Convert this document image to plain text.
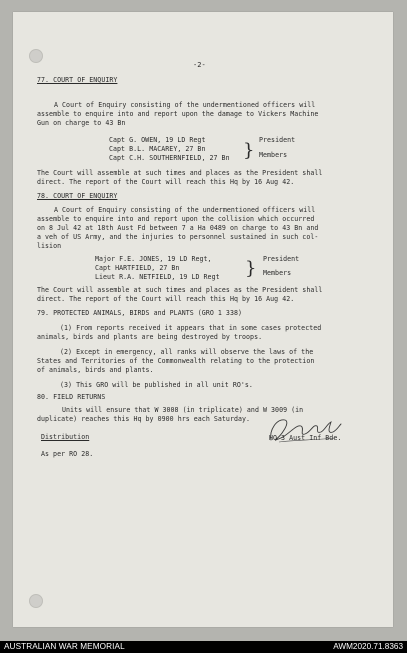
-2-
77. COURT OF ENQUIRY
A Court of Enquiry consisting of the undermentioned officers will
assemble to enquire into and report upon the damage to Vickers Machine
Gun on charge to 43 Bn
Capt G. OWEN, 19 LD Regt	President
Capt B.L. MACAREY, 27 Bn
Capt C.H. SOUTHERNFIELD, 27 Bn } Members
The Court will assemble at such times and places as the President shall
direct. The report of the Court will reach this Hq by 16 Aug 42.
78. COURT OF ENQUIRY
A Court of Enquiry consisting of the undermentioned officers will
assemble to enquire into and report upon the collision which occurred
on 8 Jul 42 at 18th Aust Fd between 7 a Ha 0489 on charge to 43 Bn and
a veh of US Army, and the injuries to personnel sustained in such col-
lision
Major F.E. JONES, 19 LD Regt,	President
Capt HARTFIELD, 27 Bn
Lieut R.A. NETFIELD, 19 LD Regt } Members
The Court will assemble at such times and places as the President shall
direct. The report of the Court will reach this Hq by 16 Aug 42.
79. PROTECTED ANIMALS, BIRDS and PLANTS (GRO 1 338)
(1) From reports received it appears that in some cases protected
animals, birds and plants are being destroyed by troops.
(2) Except in emergency, all ranks will observe the laws of the
States and Territories of the Commonwealth relating to the protection
of animals, birds and plants.
(3) This GRO will be published in all unit RO's.
80. FIELD RETURNS
Units will ensure that W 3008 (in triplicate) and W 3009 (in
duplicate) reaches this Hq by 0900 hrs each Saturday.
HQ 3 Aust Inf Bde.
Distribution
As per RO 28.
AUSTRALIAN WAR MEMORIAL	AWM2020.71.8363
